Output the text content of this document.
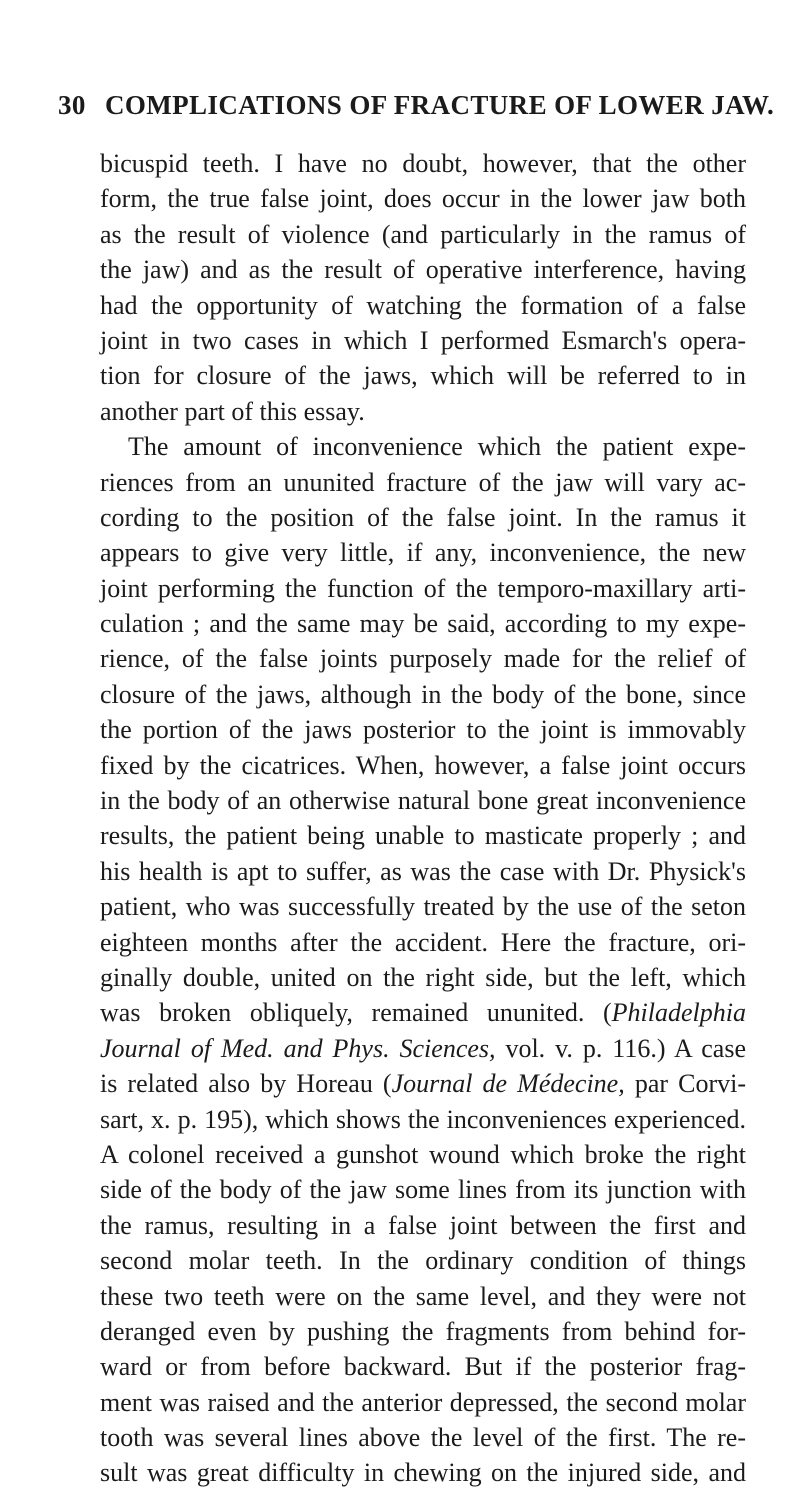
30 COMPLICATIONS OF FRACTURE OF LOWER JAW.
bicuspid teeth. I have no doubt, however, that the other
form, the true false joint, does occur in the lower jaw both
as the result of violence (and particularly in the ramus of
the jaw) and as the result of operative interference, having
had the opportunity of watching the formation of a false
joint in two cases in which I performed Esmarch's opera-
tion for closure of the jaws, which will be referred to in
another part of this essay.
The amount of inconvenience which the patient expe-
riences from an ununited fracture of the jaw will vary ac-
cording to the position of the false joint. In the ramus it
appears to give very little, if any, inconvenience, the new
joint performing the function of the temporo-maxillary arti-
culation ; and the same may be said, according to my expe-
rience, of the false joints purposely made for the relief of
closure of the jaws, although in the body of the bone, since
the portion of the jaws posterior to the joint is immovably
fixed by the cicatrices. When, however, a false joint occurs
in the body of an otherwise natural bone great inconvenience
results, the patient being unable to masticate properly ; and
his health is apt to suffer, as was the case with Dr. Physick's
patient, who was successfully treated by the use of the seton
eighteen months after the accident. Here the fracture, ori-
ginally double, united on the right side, but the left, which
was broken obliquely, remained ununited. (Philadelphia
Journal of Med. and Phys. Sciences, vol. v. p. 116.) A case
is related also by Horeau (Journal de Médecine, par Corvi-
sart, x. p. 195), which shows the inconveniences experienced.
A colonel received a gunshot wound which broke the right
side of the body of the jaw some lines from its junction with
the ramus, resulting in a false joint between the first and
second molar teeth. In the ordinary condition of things
these two teeth were on the same level, and they were not
deranged even by pushing the fragments from behind for-
ward or from before backward. But if the posterior frag-
ment was raised and the anterior depressed, the second molar
tooth was several lines above the level of the first. The re-
sult was great difficulty in chewing on the injured side, and
